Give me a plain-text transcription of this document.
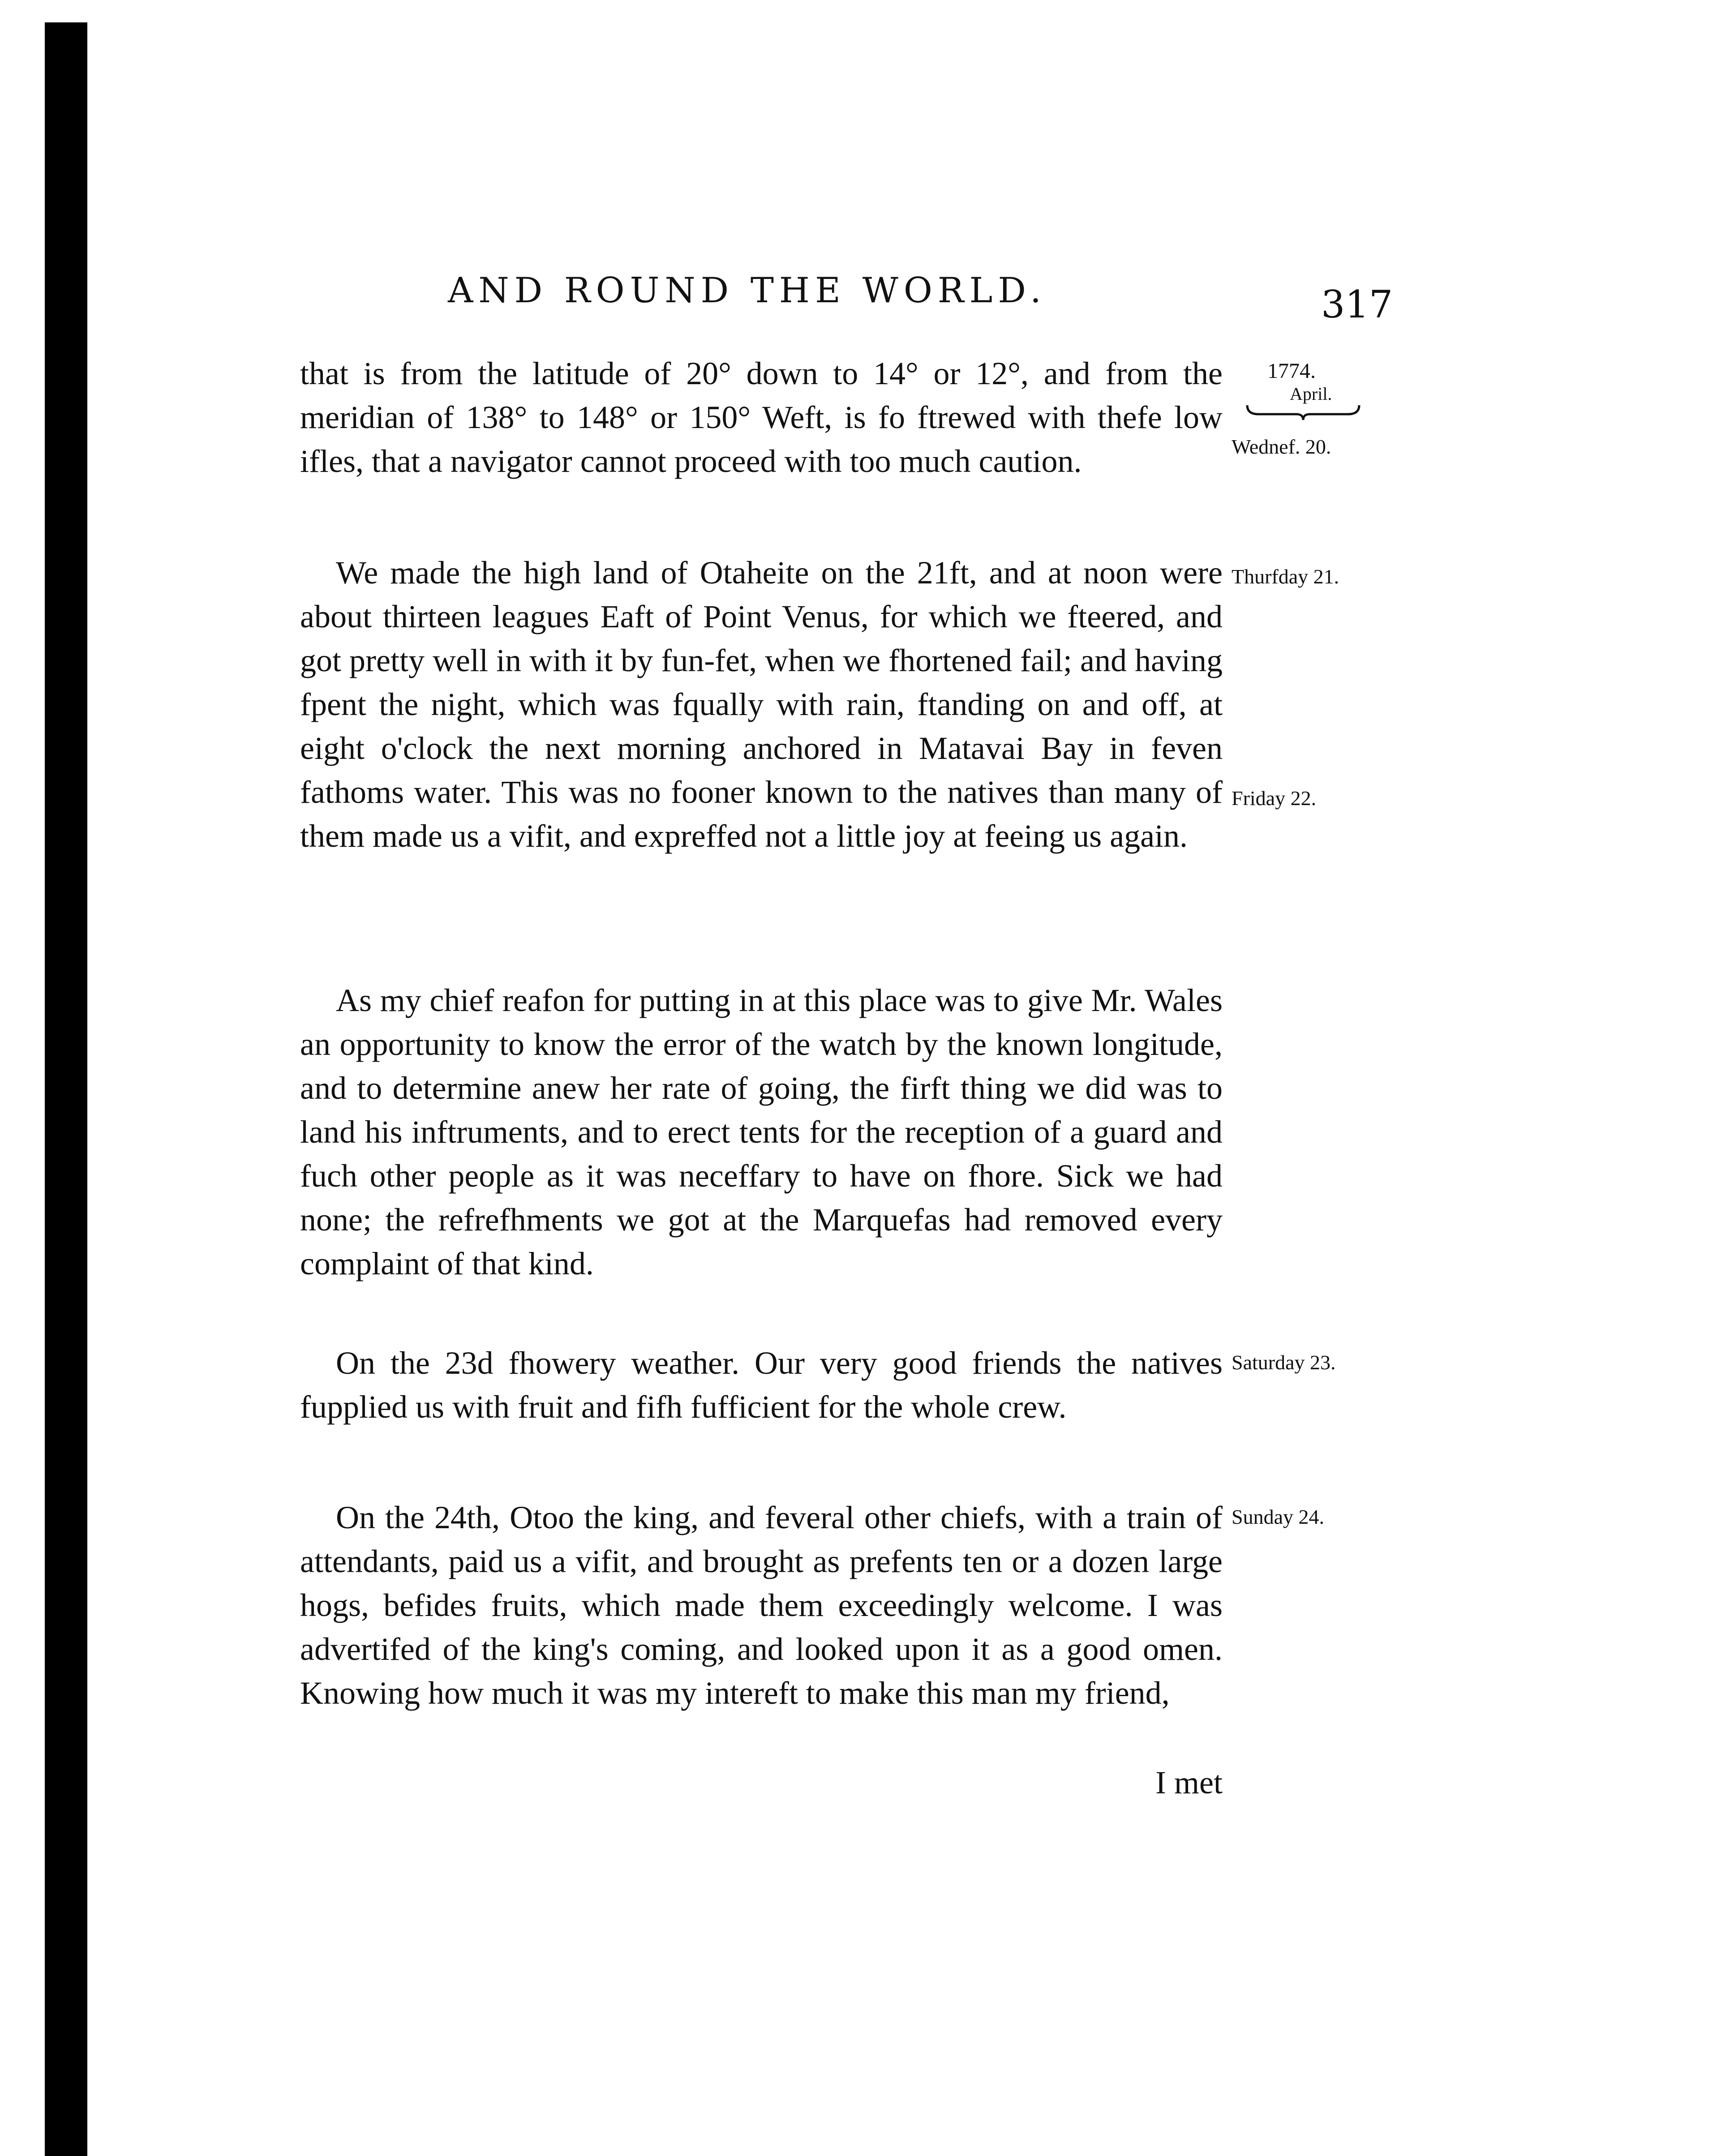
AND ROUND THE WORLD.	317
1774.
April.
Wednef. 20.
Thurfday 21.
Friday 22.
Saturday 23.
Sunday 24.

that is from the latitude of 20° down to 14° or 12°, and from the meridian of 138° to 148° or 150° Weft, is fo ftrewed with thefe low ifles, that a navigator cannot proceed with too much caution.

We made the high land of Otaheite on the 21ft, and at noon were about thirteen leagues Eaft of Point Venus, for which we fteered, and got pretty well in with it by fun-fet, when we fhortened fail; and having fpent the night, which was fqually with rain, ftanding on and off, at eight o'clock the next morning anchored in Matavai Bay in feven fathoms water. This was no fooner known to the natives than many of them made us a vifit, and expreffed not a little joy at feeing us again.

As my chief reafon for putting in at this place was to give Mr. Wales an opportunity to know the error of the watch by the known longitude, and to determine anew her rate of going, the firft thing we did was to land his inftruments, and to erect tents for the reception of a guard and fuch other people as it was neceffary to have on fhore. Sick we had none; the refrefhments we got at the Marquefas had removed every complaint of that kind.

On the 23d fhowery weather. Our very good friends the natives fupplied us with fruit and fifh fufficient for the whole crew.

On the 24th, Otoo the king, and feveral other chiefs, with a train of attendants, paid us a vifit, and brought as prefents ten or a dozen large hogs, befides fruits, which made them exceedingly welcome. I was advertifed of the king's coming, and looked upon it as a good omen. Knowing how much it was my intereft to make this man my friend,

I met
